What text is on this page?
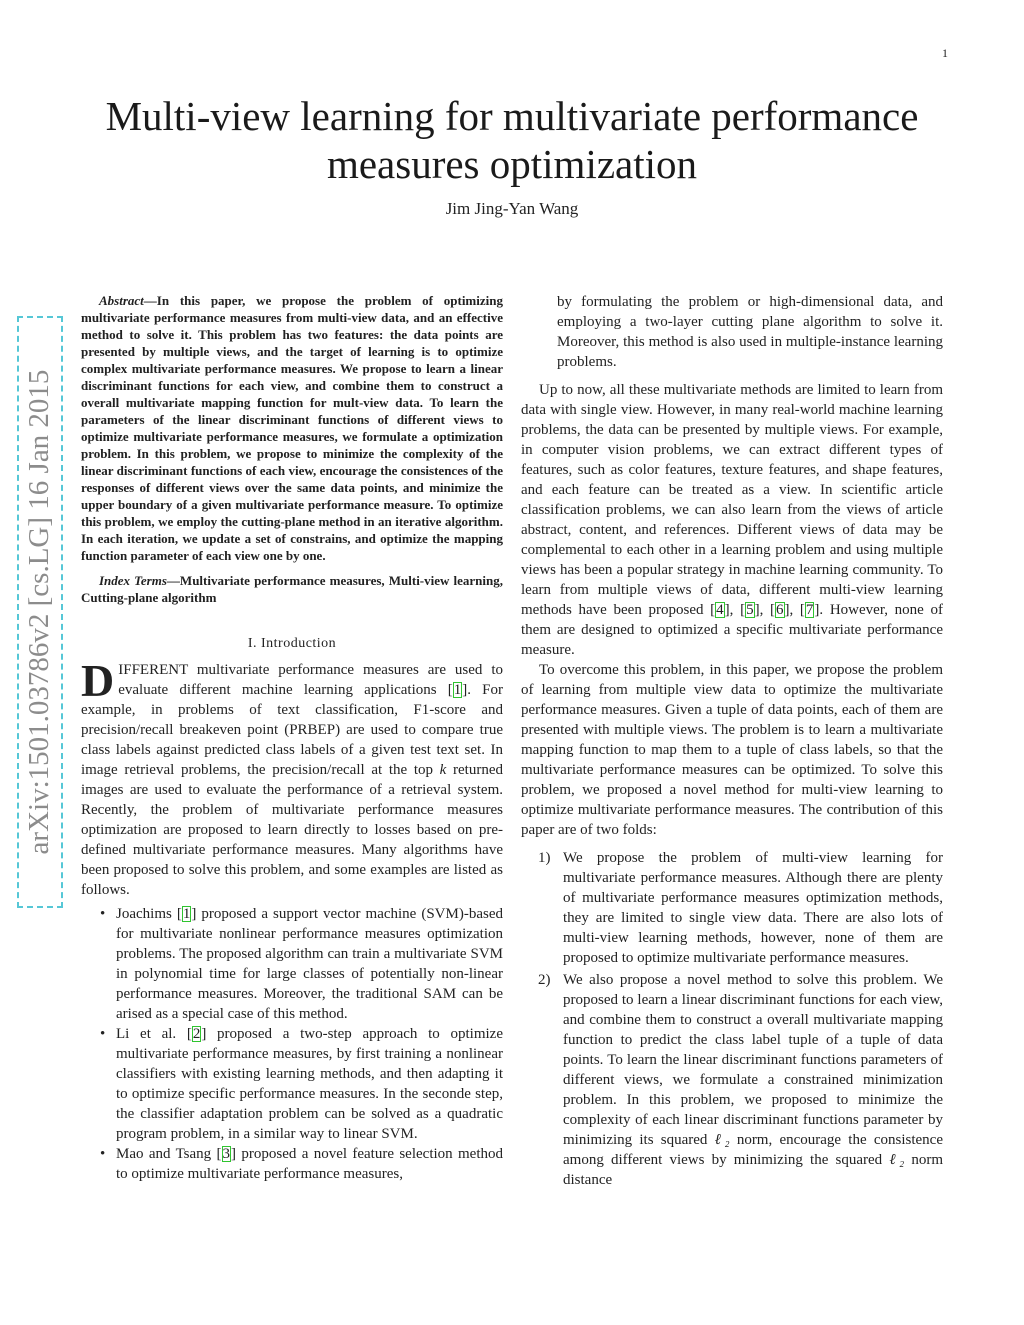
1
Multi-view learning for multivariate performance measures optimization
Jim Jing-Yan Wang
arXiv:1501.03786v2 [cs.LG] 16 Jan 2015

Abstract—In this paper, we propose the problem of optimizing multivariate performance measures from multi-view data, and an effective method to solve it. This problem has two features: the data points are presented by multiple views, and the target of learning is to optimize complex multivariate performance measures. We propose to learn a linear discriminant functions for each view, and combine them to construct a overall multivariate mapping function for mult-view data. To learn the parameters of the linear discriminant functions of different views to optimize multivariate performance measures, we formulate a optimization problem. In this problem, we propose to minimize the complexity of the linear discriminant functions of each view, encourage the consistences of the responses of different views over the same data points, and minimize the upper boundary of a given multivariate performance measure. To optimize this problem, we employ the cutting-plane method in an iterative algorithm. In each iteration, we update a set of constrains, and optimize the mapping function parameter of each view one by one.

Index Terms—Multivariate performance measures, Multi-view learning, Cutting-plane algorithm

I. Introduction

DIFFERENT multivariate performance measures are used to evaluate different machine learning applications [1]. For example, in problems of text classification, F1-score and precision/recall breakeven point (PRBEP) are used to compare true class labels against predicted class labels of a given test text set. In image retrieval problems, the precision/recall at the top k returned images are used to evaluate the performance of a retrieval system. Recently, the problem of multivariate performance measures optimization are proposed to learn directly to losses based on pre-defined multivariate performance measures. Many algorithms have been proposed to solve this problem, and some examples are listed as follows.

• Joachims [1] proposed a support vector machine (SVM)-based for multivariate nonlinear performance measures optimization problems. The proposed algorithm can train a multivariate SVM in polynomial time for large classes of potentially non-linear performance measures. Moreover, the traditional SAM can be arised as a special case of this method.
• Li et al. [2] proposed a two-step approach to optimize multivariate performance measures, by first training a nonlinear classifiers with existing learning methods, and then adapting it to optimize specific performance measures. In the seconde step, the classifier adaptation problem can be solved as a quadratic program problem, in a similar way to linear SVM.
• Mao and Tsang [3] proposed a novel feature selection method to optimize multivariate performance measures,

by formulating the problem or high-dimensional data, and employing a two-layer cutting plane algorithm to solve it. Moreover, this method is also used in multiple-instance learning problems.

Up to now, all these multivariate methods are limited to learn from data with single view. However, in many real-world machine learning problems, the data can be presented by multiple views. For example, in computer vision problems, we can extract different types of features, such as color features, texture features, and shape features, and each feature can be treated as a view. In scientific article classification problems, we can also learn from the views of article abstract, content, and references. Different views of data may be complemental to each other in a learning problem and using multiple views has been a popular strategy in machine learning community. To learn from multiple views of data, different multi-view learning methods have been proposed [4], [5], [6], [7]. However, none of them are designed to optimized a specific multivariate performance measure.

To overcome this problem, in this paper, we propose the problem of learning from multiple view data to optimize the multivariate performance measures. Given a tuple of data points, each of them are presented with multiple views. The problem is to learn a multivariate mapping function to map them to a tuple of class labels, so that the multivariate performance measures can be optimized. To solve this problem, we proposed a novel method for multi-view learning to optimize multivariate performance measures. The contribution of this paper are of two folds:

1) We propose the problem of multi-view learning for multivariate performance measures. Although there are plenty of multivariate performance measures optimization methods, they are limited to single view data. There are also lots of multi-view learning methods, however, none of them are proposed to optimize multivariate performance measures.
2) We also propose a novel method to solve this problem. We proposed to learn a linear discriminant functions for each view, and combine them to construct a overall multivariate mapping function to predict the class label tuple of a tuple of data points. To learn the linear discriminant functions parameters of different views, we formulate a constrained minimization problem. In this problem, we proposed to minimize the complexity of each linear discriminant functions parameter by minimizing its squared ℓ₂ norm, encourage the consistence among different views by minimizing the squared ℓ₂ norm distance
